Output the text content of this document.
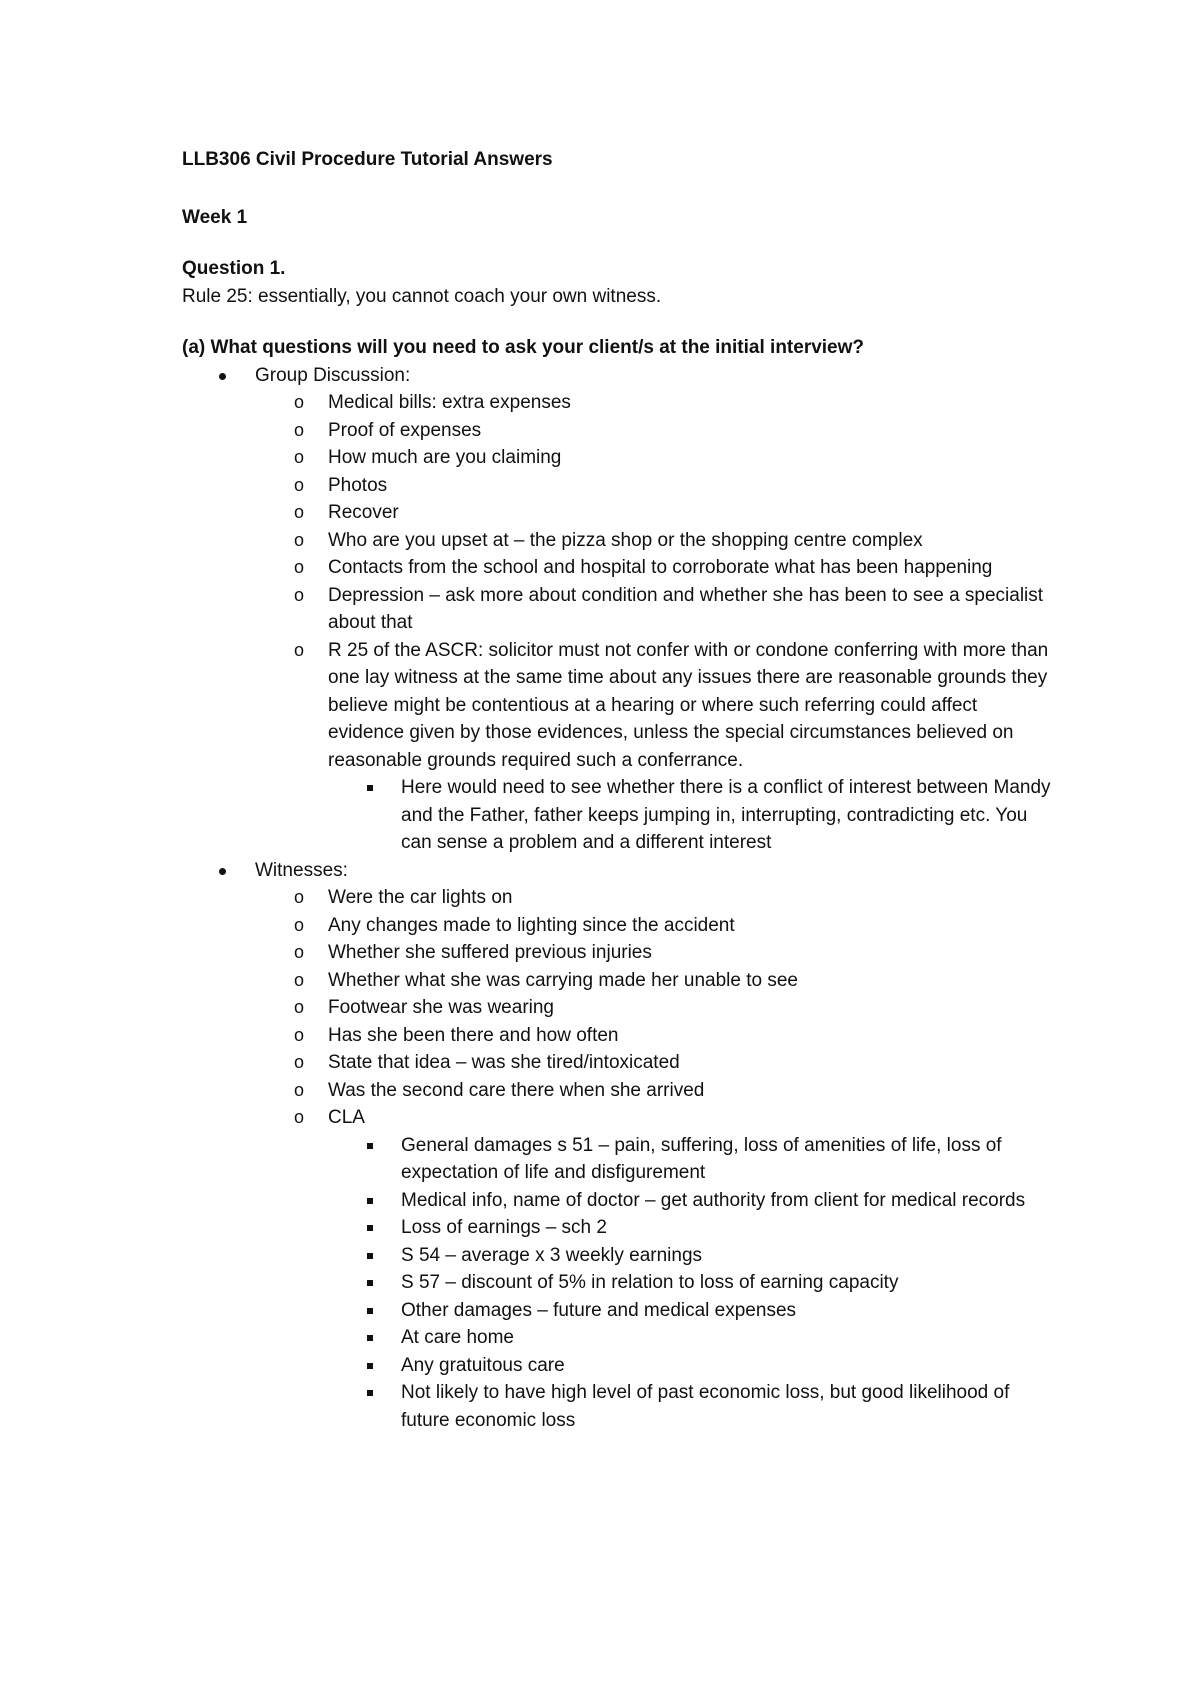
LLB306 Civil Procedure Tutorial Answers
Week 1
Question 1.
Rule 25: essentially, you cannot coach your own witness.
(a) What questions will you need to ask your client/s at the initial interview?
Group Discussion:
o Medical bills: extra expenses
o Proof of expenses
o How much are you claiming
o Photos
o Recover
o Who are you upset at – the pizza shop or the shopping centre complex
o Contacts from the school and hospital to corroborate what has been happening
o Depression – ask more about condition and whether she has been to see a specialist about that
o R 25 of the ASCR: solicitor must not confer with or condone conferring with more than one lay witness at the same time about any issues there are reasonable grounds they believe might be contentious at a hearing or where such referring could affect evidence given by those evidences, unless the special circumstances believed on reasonable grounds required such a conferrance.
Here would need to see whether there is a conflict of interest between Mandy and the Father, father keeps jumping in, interrupting, contradicting etc. You can sense a problem and a different interest
Witnesses:
o Were the car lights on
o Any changes made to lighting since the accident
o Whether she suffered previous injuries
o Whether what she was carrying made her unable to see
o Footwear she was wearing
o Has she been there and how often
o State that idea – was she tired/intoxicated
o Was the second care there when she arrived
o CLA
General damages s 51 – pain, suffering, loss of amenities of life, loss of expectation of life and disfigurement
Medical info, name of doctor – get authority from client for medical records
Loss of earnings – sch 2
S 54 – average x 3 weekly earnings
S 57 – discount of 5% in relation to loss of earning capacity
Other damages – future and medical expenses
At care home
Any gratuitous care
Not likely to have high level of past economic loss, but good likelihood of future economic loss
